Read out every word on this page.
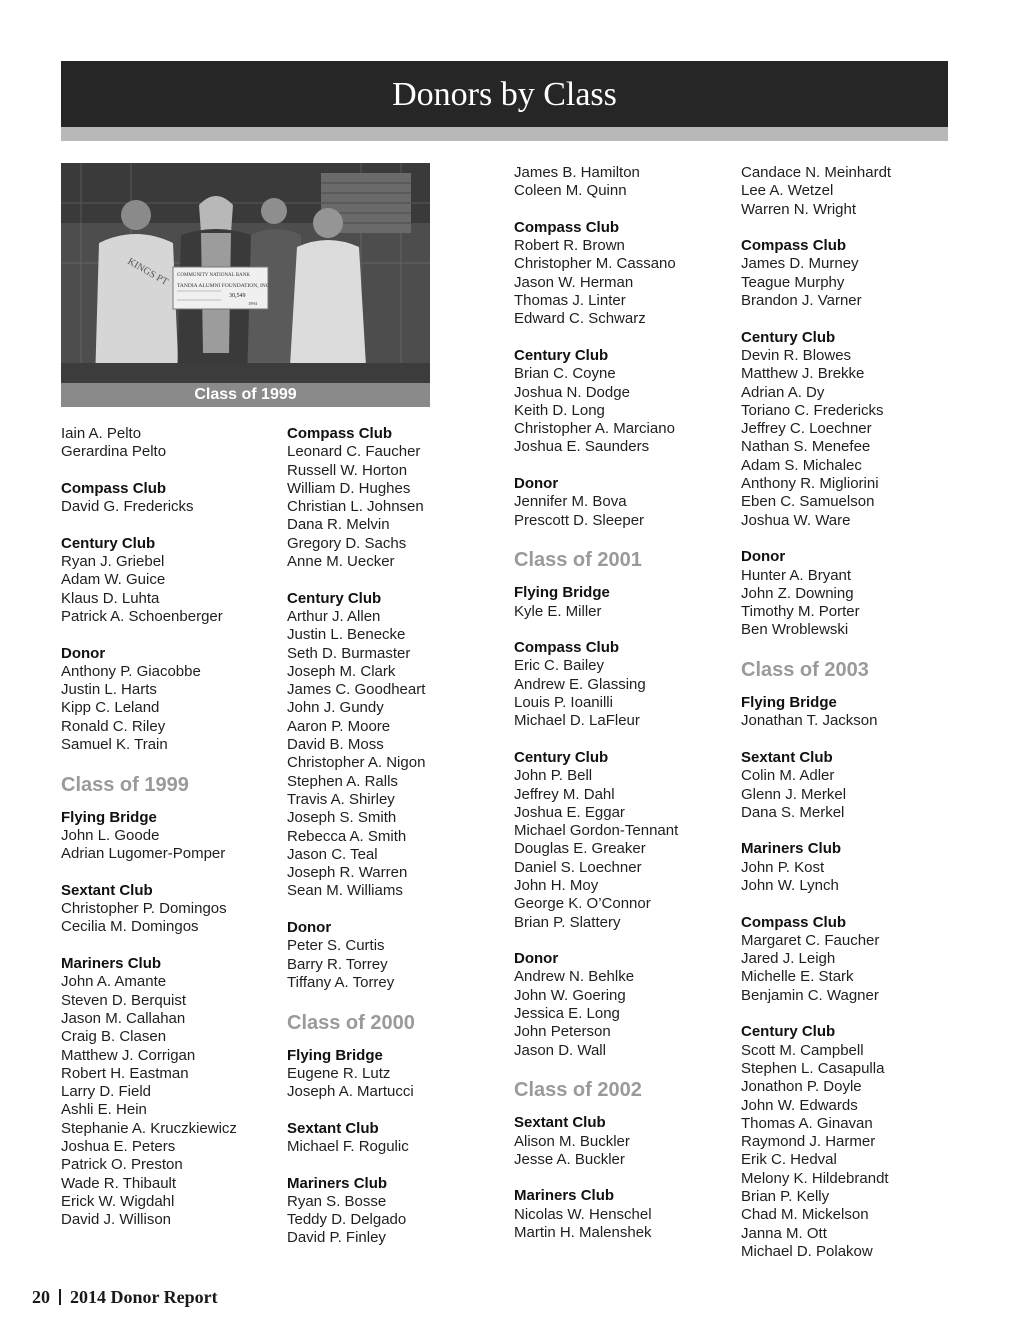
Donors by Class
KINGS PT COMMUNITY NATIONAL BANK
TANDIA ALUMNI FOUNDATION, INC.
30,549
1994
Class of 1999
Iain A. Pelto
Gerardina Pelto
Compass Club
David G. Fredericks
Century Club
Ryan J. Griebel
Adam W. Guice
Klaus D. Luhta
Patrick A. Schoenberger
Donor
Anthony P. Giacobbe
Justin L. Harts
Kipp C. Leland
Ronald C. Riley
Samuel K. Train
Class of 1999
Flying Bridge
John L. Goode
Adrian Lugomer-Pomper
Sextant Club
Christopher P. Domingos
Cecilia M. Domingos
Mariners Club
John A. Amante
Steven D. Berquist
Jason M. Callahan
Craig B. Clasen
Matthew J. Corrigan
Robert H. Eastman
Larry D. Field
Ashli E. Hein
Stephanie A. Kruczkiewicz
Joshua E. Peters
Patrick O. Preston
Wade R. Thibault
Erick W. Wigdahl
David J. Willison
Compass Club
Leonard C. Faucher
Russell W. Horton
William D. Hughes
Christian L. Johnsen
Dana R. Melvin
Gregory D. Sachs
Anne M. Uecker
Century Club
Arthur J. Allen
Justin L. Benecke
Seth D. Burmaster
Joseph M. Clark
James C. Goodheart
John J. Gundy
Aaron P. Moore
David B. Moss
Christopher A. Nigon
Stephen A. Ralls
Travis A. Shirley
Joseph S. Smith
Rebecca A. Smith
Jason C. Teal
Joseph R. Warren
Sean M. Williams
Donor
Peter S. Curtis
Barry R. Torrey
Tiffany A. Torrey
Class of 2000
Flying Bridge
Eugene R. Lutz
Joseph A. Martucci
Sextant Club
Michael F. Rogulic
Mariners Club
Ryan S. Bosse
Teddy D. Delgado
David P. Finley
James B. Hamilton
Coleen M. Quinn
Compass Club
Robert R. Brown
Christopher M. Cassano
Jason W. Herman
Thomas J. Linter
Edward C. Schwarz
Century Club
Brian C. Coyne
Joshua N. Dodge
Keith D. Long
Christopher A. Marciano
Joshua E. Saunders
Donor
Jennifer M. Bova
Prescott D. Sleeper
Class of 2001
Flying Bridge
Kyle E. Miller
Compass Club
Eric C. Bailey
Andrew E. Glassing
Louis P. Ioanilli
Michael D. LaFleur
Century Club
John P. Bell
Jeffrey M. Dahl
Joshua E. Eggar
Michael Gordon-Tennant
Douglas E. Greaker
Daniel S. Loechner
John H. Moy
George K. O’Connor
Brian P. Slattery
Donor
Andrew N. Behlke
John W. Goering
Jessica E. Long
John Peterson
Jason D. Wall
Class of 2002
Sextant Club
Alison M. Buckler
Jesse A. Buckler
Mariners Club
Nicolas W. Henschel
Martin H. Malenshek
Candace N. Meinhardt
Lee A. Wetzel
Warren N. Wright
Compass Club
James D. Murney
Teague Murphy
Brandon J. Varner
Century Club
Devin R. Blowes
Matthew J. Brekke
Adrian A. Dy
Toriano C. Fredericks
Jeffrey C. Loechner
Nathan S. Menefee
Adam S. Michalec
Anthony R. Migliorini
Eben C. Samuelson
Joshua W. Ware
Donor
Hunter A. Bryant
John Z. Downing
Timothy M. Porter
Ben Wroblewski
Class of 2003
Flying Bridge
Jonathan T. Jackson
Sextant Club
Colin M. Adler
Glenn J. Merkel
Dana S. Merkel
Mariners Club
John P. Kost
John W. Lynch
Compass Club
Margaret C. Faucher
Jared J. Leigh
Michelle E. Stark
Benjamin C. Wagner
Century Club
Scott M. Campbell
Stephen L. Casapulla
Jonathon P. Doyle
John W. Edwards
Thomas A. Ginavan
Raymond J. Harmer
Erik C. Hedval
Melony K. Hildebrandt
Brian P. Kelly
Chad M. Mickelson
Janna M. Ott
Michael D. Polakow
20 2014 Donor Report
